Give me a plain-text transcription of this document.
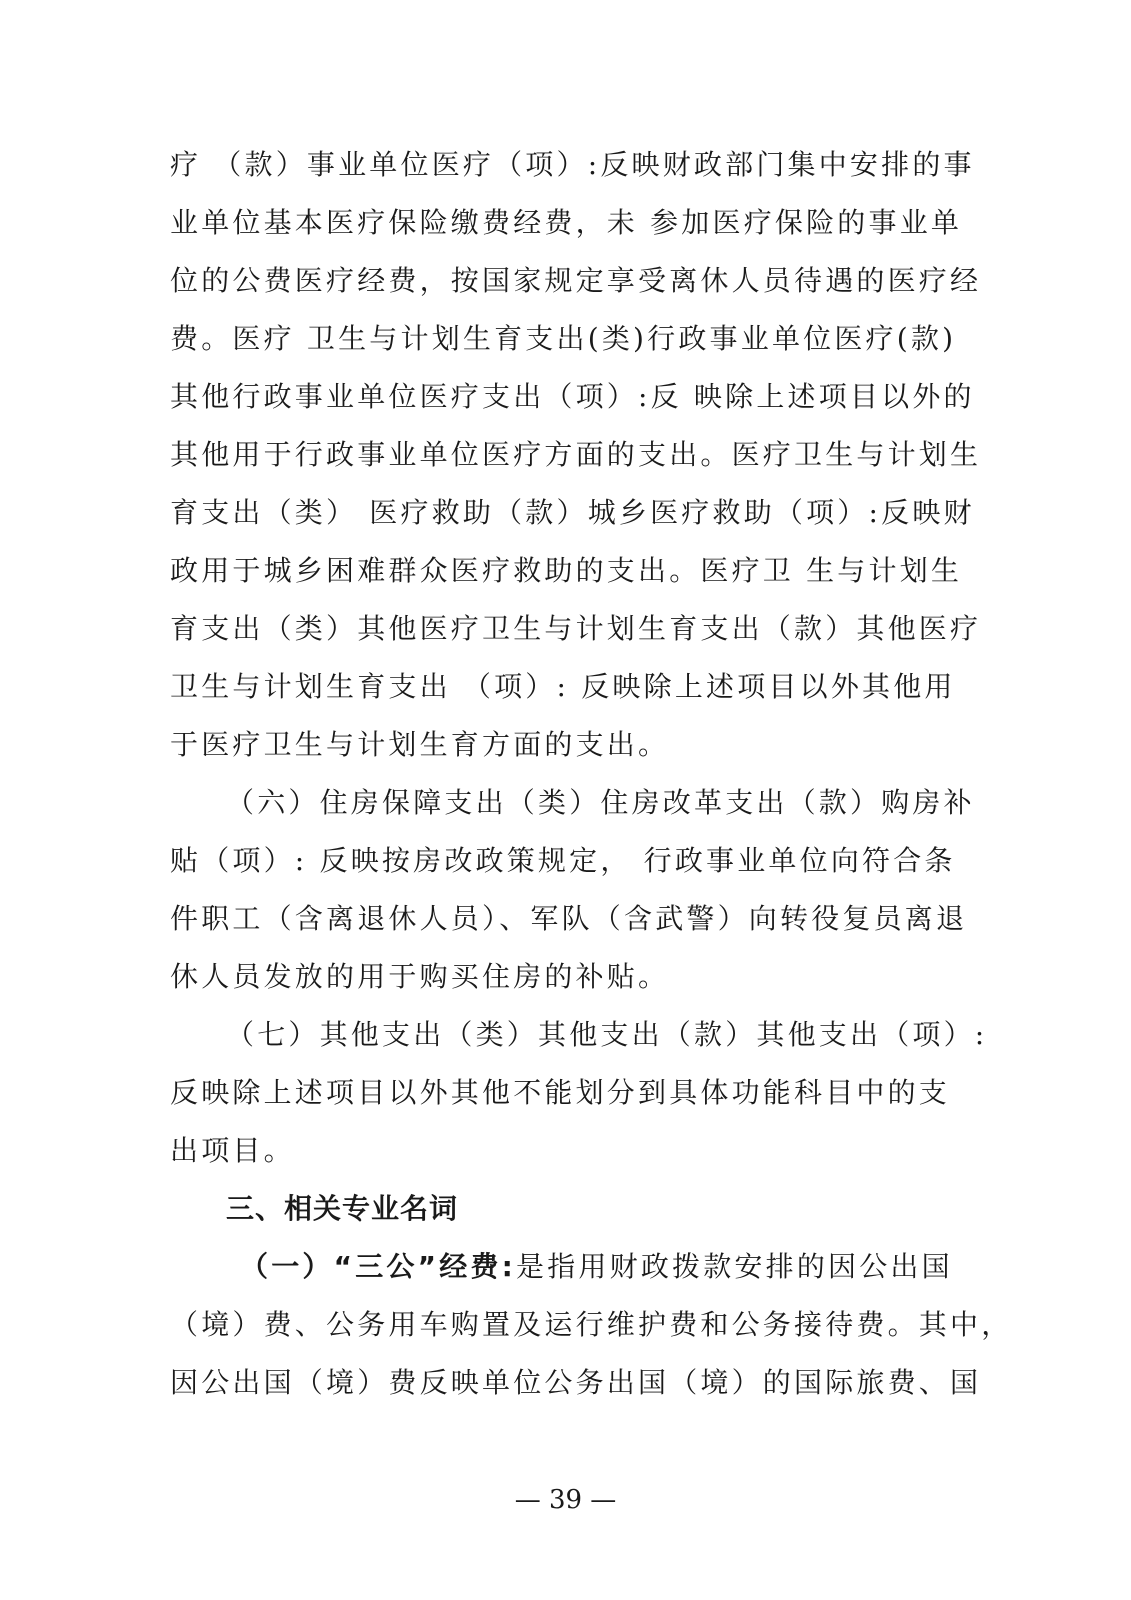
疗 （款）事业单位医疗（项）:反映财政部门集中安排的事
业单位基本医疗保险缴费经费，未 参加医疗保险的事业单
位的公费医疗经费，按国家规定享受离休人员待遇的医疗经
费。医疗 卫生与计划生育支出(类)行政事业单位医疗(款)
其他行政事业单位医疗支出（项）:反 映除上述项目以外的
其他用于行政事业单位医疗方面的支出。医疗卫生与计划生
育支出（类） 医疗救助（款）城乡医疗救助（项）:反映财
政用于城乡困难群众医疗救助的支出。医疗卫 生与计划生
育支出（类）其他医疗卫生与计划生育支出（款）其他医疗
卫生与计划生育支出 （项）: 反映除上述项目以外其他用
于医疗卫生与计划生育方面的支出。
（六）住房保障支出（类）住房改革支出（款）购房补
贴（项）: 反映按房改政策规定， 行政事业单位向符合条
件职工（含离退休人员）、军队（含武警）向转役复员离退
休人员发放的用于购买住房的补贴。
（七）其他支出（类）其他支出（款）其他支出（项）:
反映除上述项目以外其他不能划分到具体功能科目中的支
出项目。
三、相关专业名词
（一）“三公”经费:是指用财政拨款安排的因公出国
（境）费、公务用车购置及运行维护费和公务接待费。其中，
因公出国（境）费反映单位公务出国（境）的国际旅费、国
— 39 —
